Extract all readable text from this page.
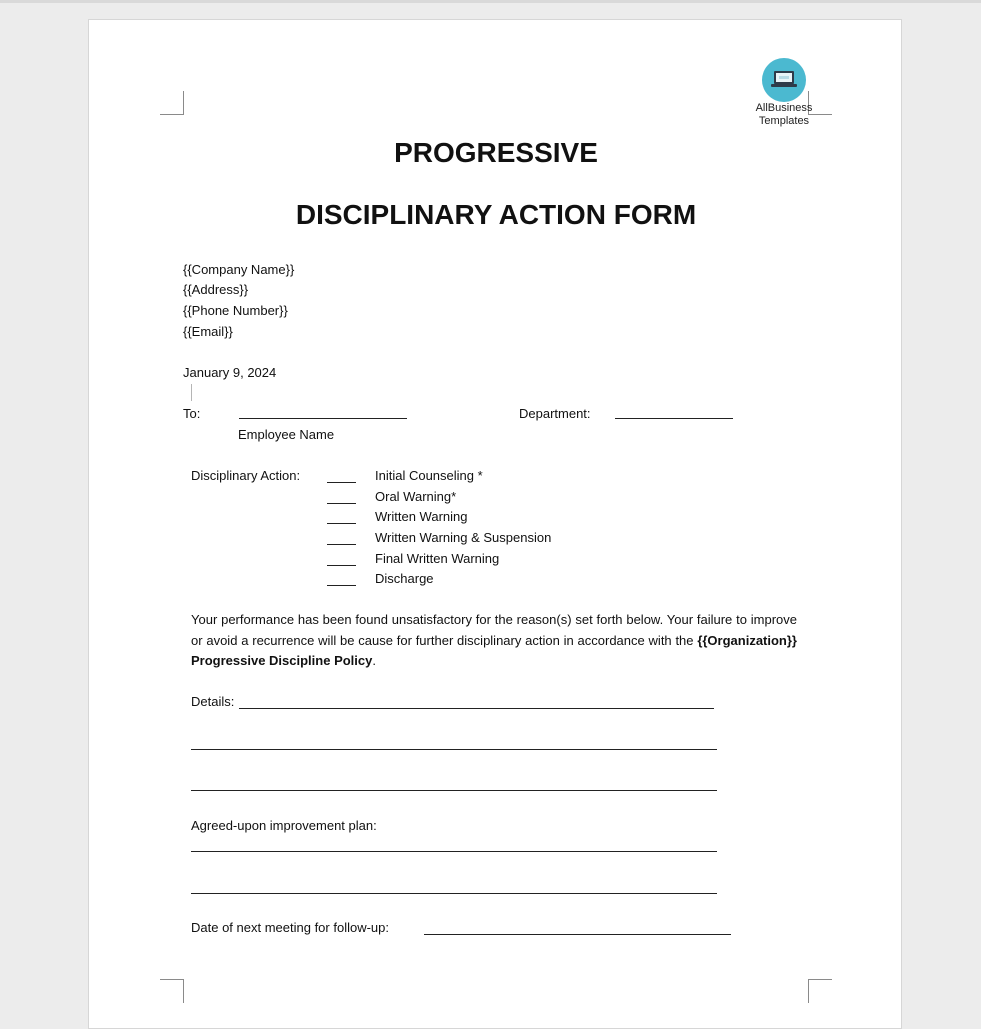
AllBusiness
Templates
PROGRESSIVE
DISCIPLINARY ACTION FORM
{{Company Name}}
{{Address}}
{{Phone Number}}
{{Email}}
January 9, 2024
To:
Employee Name
Department:
Disciplinary Action:	Initial Counseling *
Oral Warning*
Written Warning
Written Warning & Suspension
Final Written Warning
Discharge
Your performance has been found unsatisfactory for the reason(s) set forth below. Your failure to improve or avoid a recurrence will be cause for further disciplinary action in accordance with the {{Organization}} Progressive Discipline Policy.
Details:
Agreed-upon improvement plan:
Date of next meeting for follow-up:
